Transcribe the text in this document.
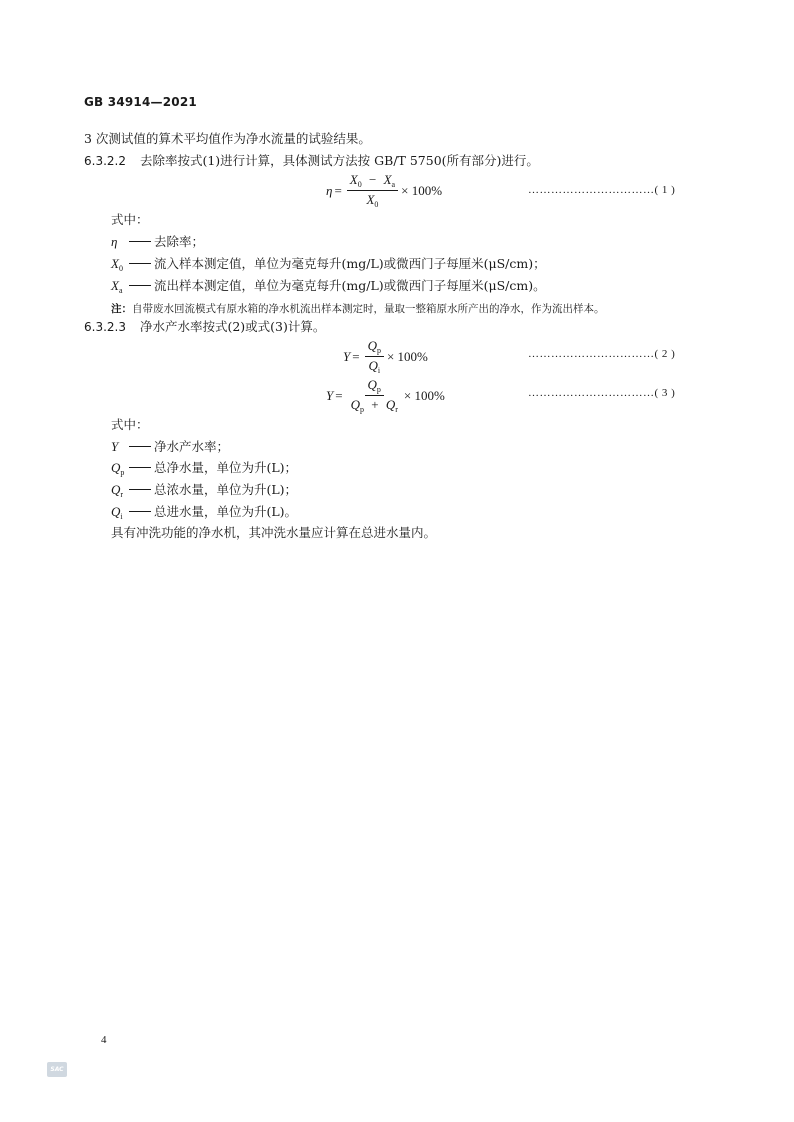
GB 34914—2021
3 次测试值的算术平均值作为净水流量的试验结果。
6.3.2.2 去除率按式(1)进行计算，具体测试方法按 GB/T 5750(所有部分)进行。
$\eta = \frac{X_0 - X_a}{X_0} \times 100\%$	……………………………( 1 )
式中：
η	去除率；
$X_0$ 流入样本测定值，单位为毫克每升(mg/L)或微西门子每厘米(μS/cm)；
$X_a$	流出样本测定值，单位为毫克每升(mg/L)或微西门子每厘米(μS/cm)。
注：自带废水回流模式有原水箱的净水机流出样本测定时，量取一整箱原水所产出的净水，作为流出样本。
6.3.2.3 净水产水率按式(2)或式(3)计算。
$Y = \frac{Q_p}{Q_i} \times 100\%$	……………………………( 2 )
$Y = \frac{Q_p}{Q_p + Q_r} \times 100\%$	……………………………( 3 )
式中：
Y	净水产水率；
$Q_p$ 总净水量，单位为升(L)；
$Q_r$ 总浓水量，单位为升(L)；
$Q_i$	总进水量，单位为升(L)。
具有冲洗功能的净水机，其冲洗水量应计算在总进水量内。
4
SAC
